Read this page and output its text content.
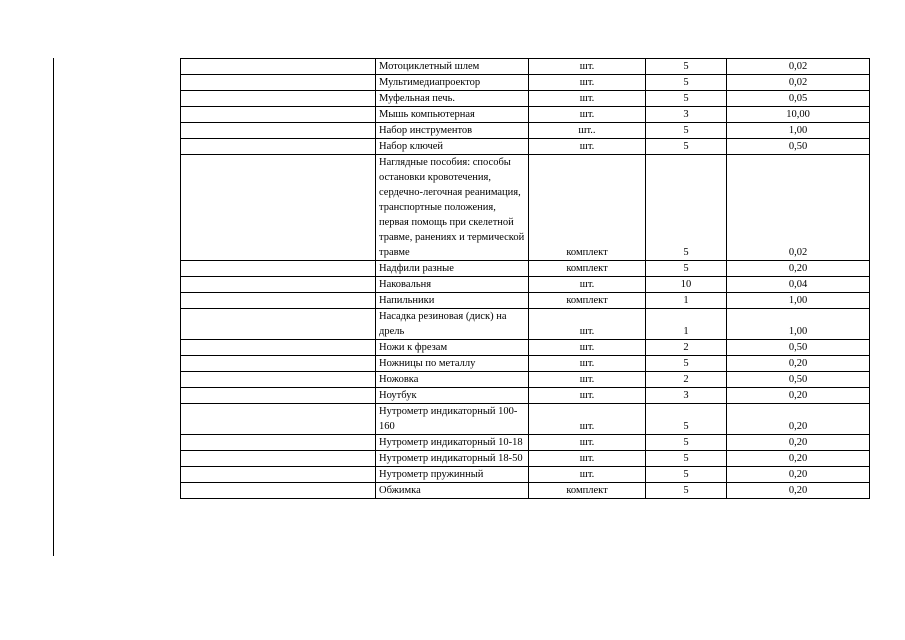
	Мотоциклетный шлем	шт.	5	0,02
	Мультимедиапроектор	шт.	5	0,02
	Муфельная печь.	шт.	5	0,05
	Мышь компьютерная	шт.	3	10,00
	Набор инструментов	шт..	5	1,00
	Набор ключей	шт.	5	0,50
	Наглядные пособия: способы остановки кровотечения, сердечно-легочная реанимация, транспортные положения, первая помощь при скелетной травме, ранениях и термической травме	комплект	5	0,02
	Надфили разные	комплект	5	0,20
	Наковальня	шт.	10	0,04
	Напильники	комплект	1	1,00
	Насадка резиновая (диск) на дрель	шт.	1	1,00
	Ножи к фрезам	шт.	2	0,50
	Ножницы по металлу	шт.	5	0,20
	Ножовка	шт.	2	0,50
	Ноутбук	шт.	3	0,20
	Нутрометр индикаторный 100-160	шт.	5	0,20
	Нутрометр индикаторный 10-18	шт.	5	0,20
	Нутрометр индикаторный 18-50	шт.	5	0,20
	Нутрометр пружинный	шт.	5	0,20
	Обжимка	комплект	5	0,20
